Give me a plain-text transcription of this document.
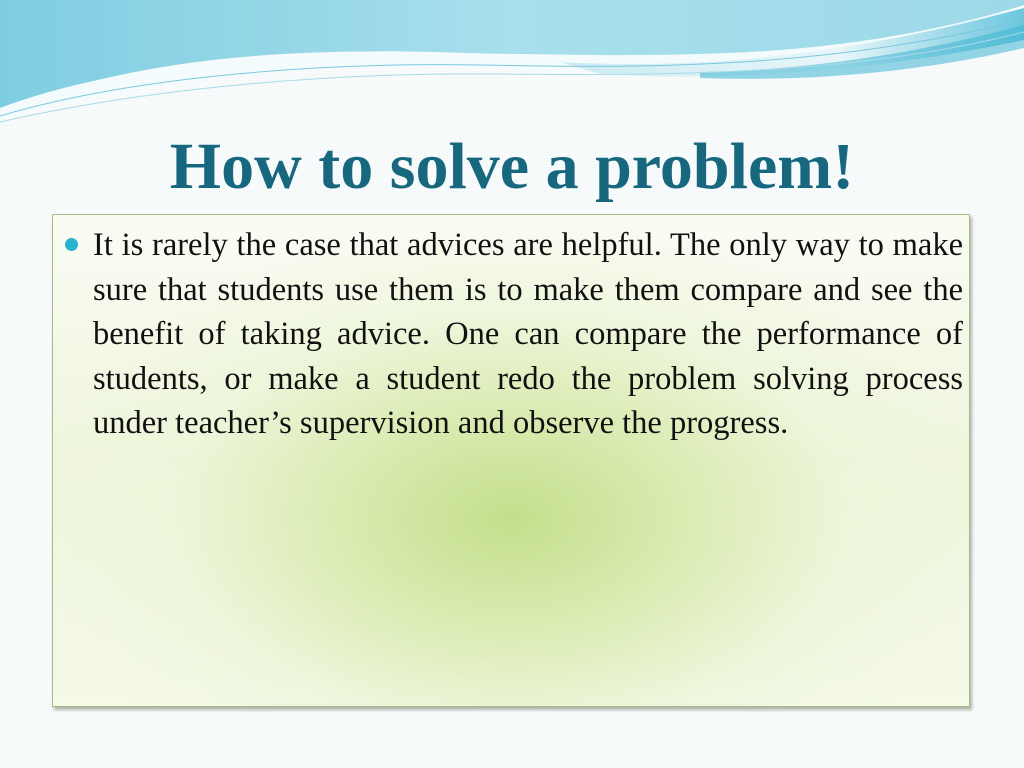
How to solve a problem!
It is rarely the case that advices are helpful. The only way to make sure that students use them is to make them compare and see the benefit of taking advice. One can compare the performance of students, or make a student redo the problem solving process under teacher’s supervision and observe the progress.
